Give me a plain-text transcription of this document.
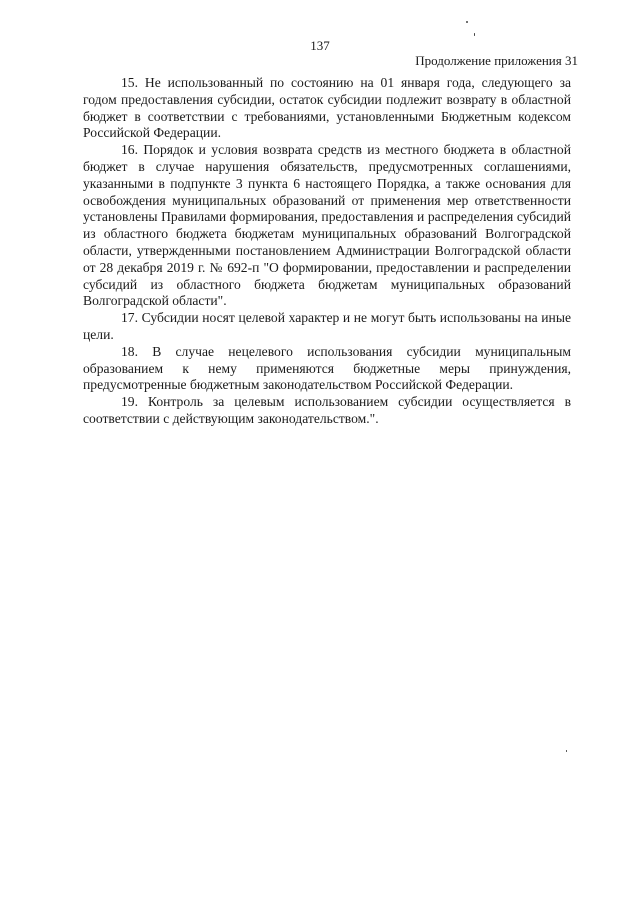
137
Продолжение приложения 31

15. Не использованный по состоянию на 01 января года, следующего за годом предоставления субсидии, остаток субсидии подлежит возврату в областной бюджет в соответствии с требованиями, установленными Бюджетным кодексом Российской Федерации.

16. Порядок и условия возврата средств из местного бюджета в областной бюджет в случае нарушения обязательств, предусмотренных соглашениями, указанными в подпункте 3 пункта 6 настоящего Порядка, а также основания для освобождения муниципальных образований от применения мер ответственности установлены Правилами формирования, предоставления и распределения субсидий из областного бюджета бюджетам муниципальных образований Волгоградской области, утвержденными постановлением Администрации Волгоградской области от 28 декабря 2019 г. № 692-п "О формировании, предоставлении и распределении субсидий из областного бюджета бюджетам муниципальных образований Волгоградской области".

17. Субсидии носят целевой характер и не могут быть использованы на иные цели.

18. В случае нецелевого использования субсидии муниципальным образованием к нему применяются бюджетные меры принуждения, предусмотренные бюджетным законодательством Российской Федерации.

19. Контроль за целевым использованием субсидии осуществляется в соответствии с действующим законодательством.".
